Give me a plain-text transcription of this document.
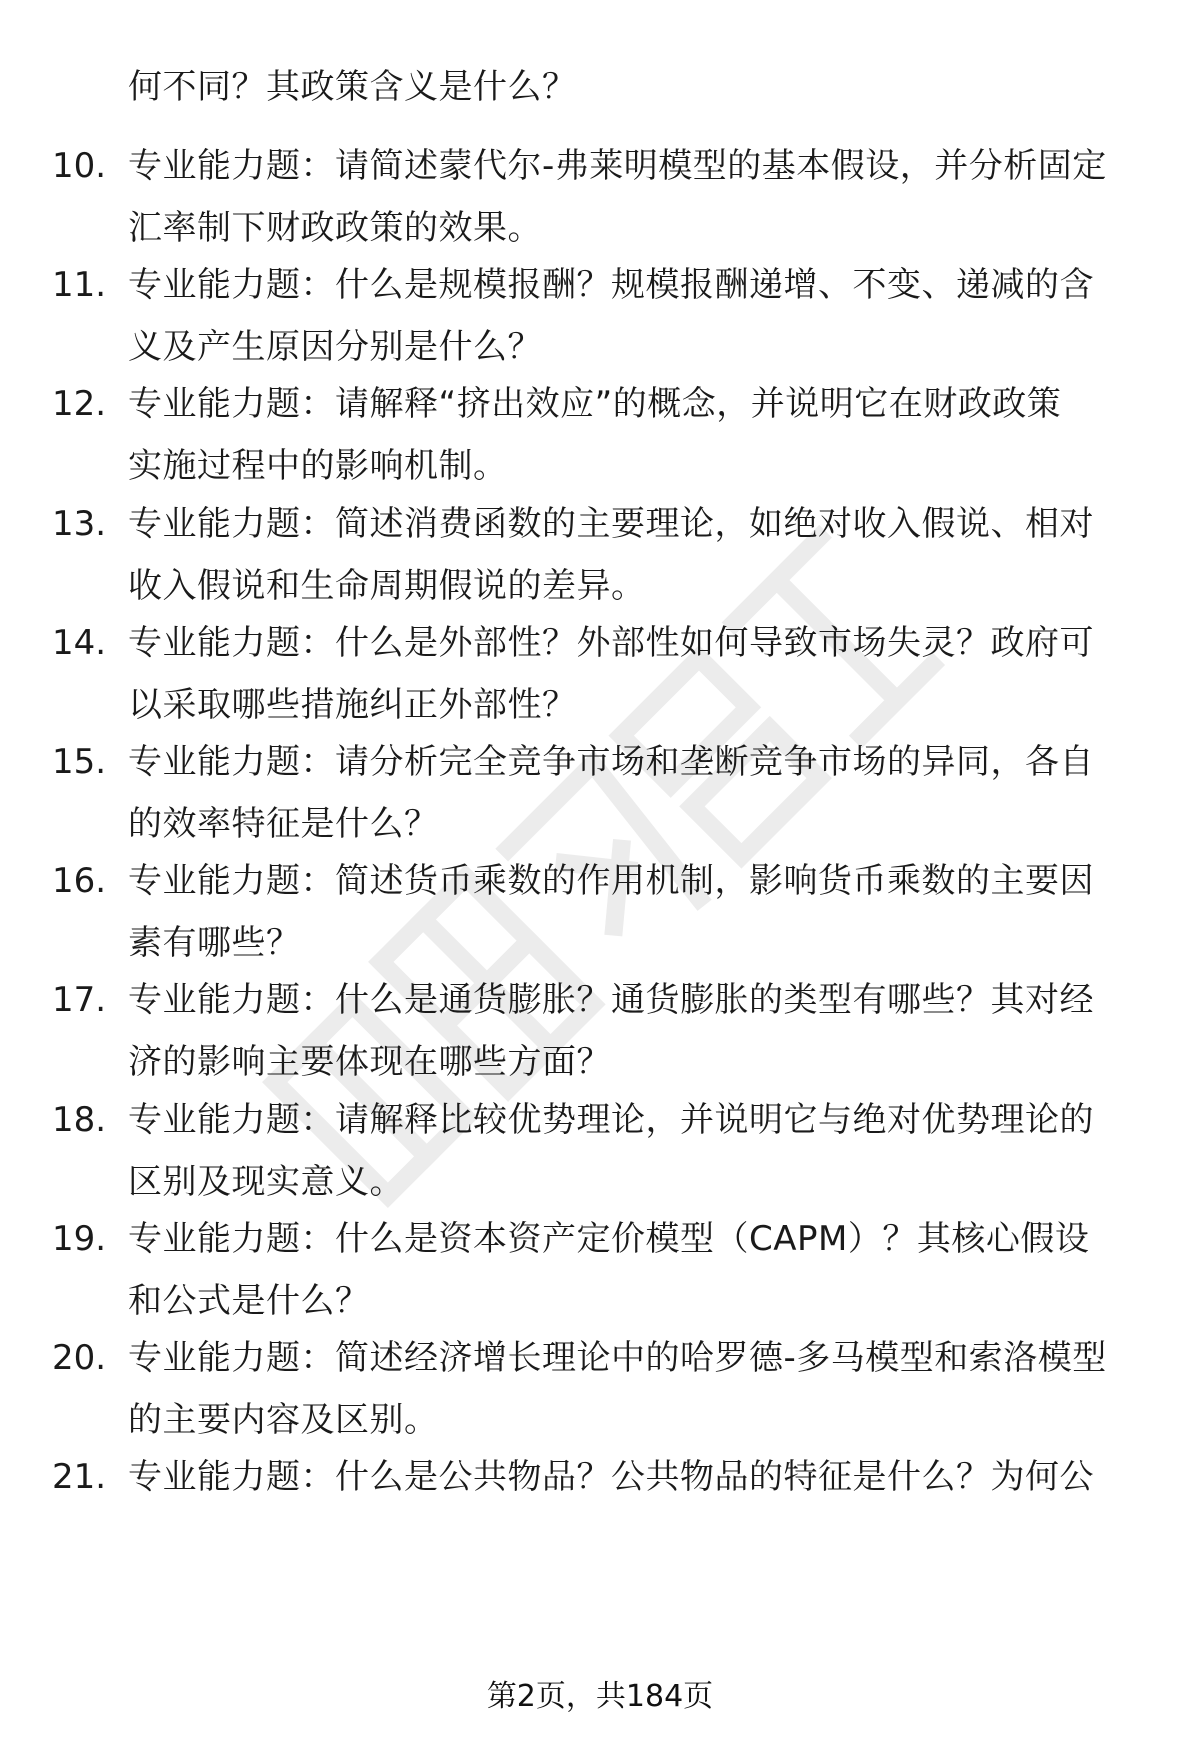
何不同？其政策含义是什么？
10. 专业能力题：请简述蒙代尔-弗莱明模型的基本假设，并分析固定
汇率制下财政政策的效果。
11. 专业能力题：什么是规模报酬？规模报酬递增、不变、递减的含
义及产生原因分别是什么？
12. 专业能力题：请解释“挤出效应”的概念，并说明它在财政政策
实施过程中的影响机制。
13. 专业能力题：简述消费函数的主要理论，如绝对收入假说、相对
收入假说和生命周期假说的差异。
14. 专业能力题：什么是外部性？外部性如何导致市场失灵？政府可
以采取哪些措施纠正外部性？
15. 专业能力题：请分析完全竞争市场和垄断竞争市场的异同，各自
的效率特征是什么？
16. 专业能力题：简述货币乘数的作用机制，影响货币乘数的主要因
素有哪些？
17. 专业能力题：什么是通货膨胀？通货膨胀的类型有哪些？其对经
济的影响主要体现在哪些方面？
18. 专业能力题：请解释比较优势理论，并说明它与绝对优势理论的
区别及现实意义。
19. 专业能力题：什么是资本资产定价模型（CAPM）？其核心假设
和公式是什么？
20. 专业能力题：简述经济增长理论中的哈罗德-多马模型和索洛模型
的主要内容及区别。
21. 专业能力题：什么是公共物品？公共物品的特征是什么？为何公
第2页，共184页
